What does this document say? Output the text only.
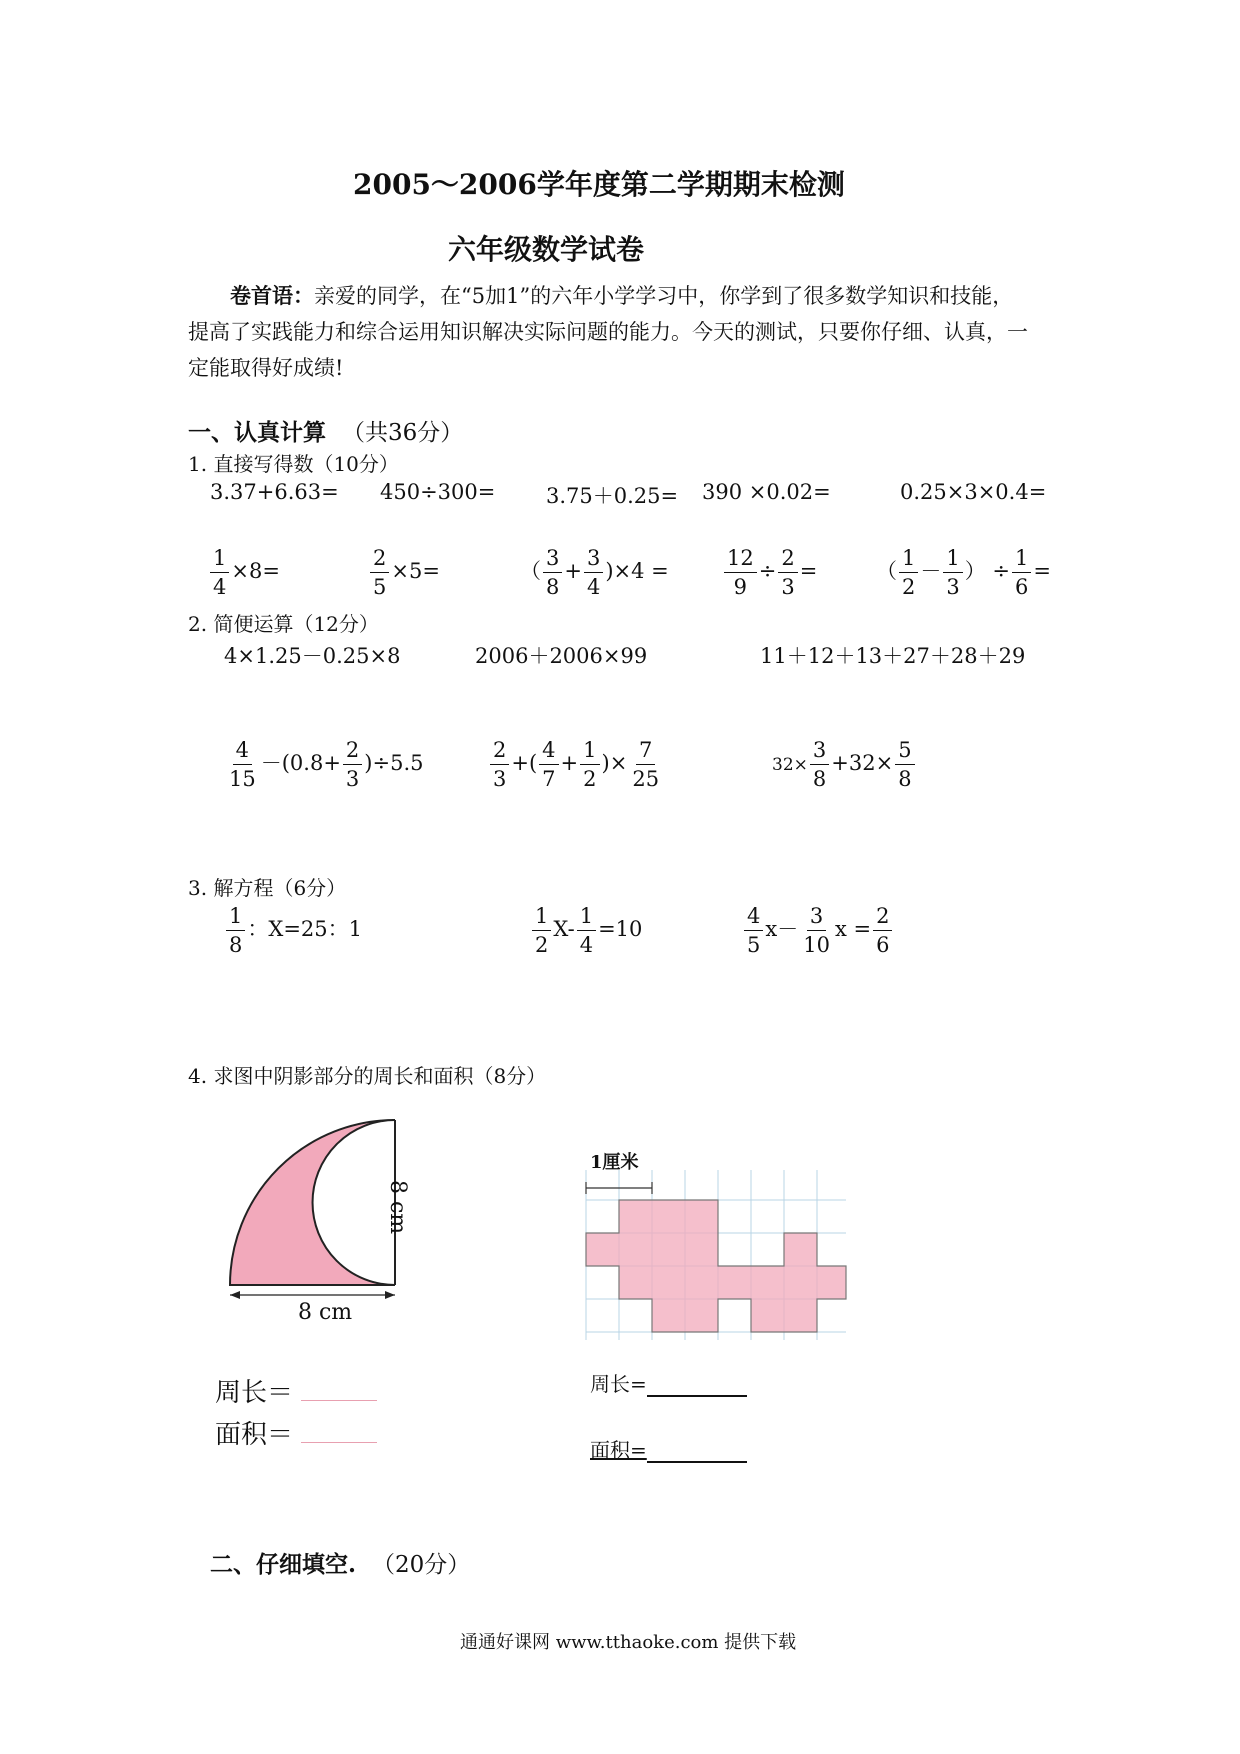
2005～2006学年度第二学期期末检测
六年级数学试卷
卷首语：亲爱的同学，在“5加1”的六年小学学习中，你学到了很多数学知识和技能，
提高了实践能力和综合运用知识解决实际问题的能力。今天的测试，只要你仔细、认真，一
定能取得好成绩!
一、认真计算 （共36分）
1. 直接写得数（10分）
3.37+6.63= 450÷300= 3.75＋0.25= 390 ×0.02=	0.25×3×0.4=
$\frac{1}{4} \times 8=$	$\frac{2}{5} \times 5=$	（ $\frac{3}{8} + \frac{3}{4} )\times 4$ =	$\frac{12}{9} \div \frac{2}{3}$ =	（ $\frac{1}{2} - \frac{1}{3}$ ） ÷ $\frac{1}{6}$ =
2. 简便运算（12分）
4×1.25－0.25×8	2006＋2006×99	11＋12＋13＋27＋28＋29
$\frac{4}{15} -(0.8+ \frac{2}{3} )\div 5.5$	$\frac{2}{3}$ +( $\frac{4}{7} + \frac{1}{2}$ )× $\frac{7}{25}$	$32\times \frac{3}{8} +32\times \frac{5}{8}$
3. 解方程（6分）
$\frac{1}{8}$ ：X=25：1	$\frac{1}{2} X- \frac{1}{4} =10$	$\frac{4}{5} x- \frac{3}{10}$ $x = \frac{2}{6}$
4. 求图中阴影部分的周长和面积（8分）
8 cm
8 cm
周长＝
面积＝
1厘米
周长=
面积=
二、仔细填空. （20分）
通通好课网 www.tthaoke.com 提供下载
